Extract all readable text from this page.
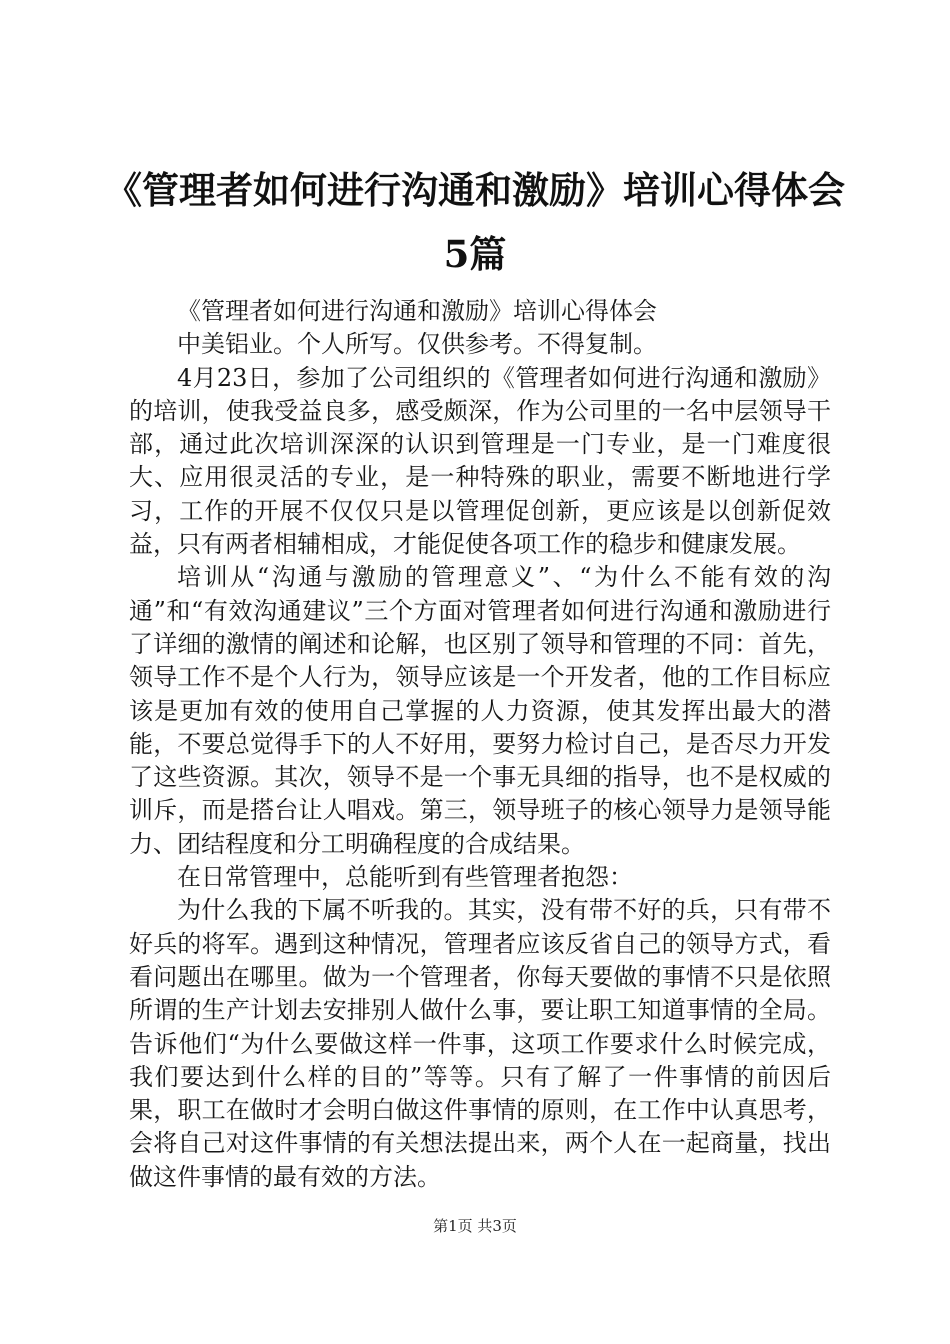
《管理者如何进行沟通和激励》培训心得体会
5篇

《管理者如何进行沟通和激励》培训心得体会

中美铝业。个人所写。仅供参考。不得复制。

4月23日，参加了公司组织的《管理者如何进行沟通和激励》的培训，使我受益良多，感受颇深，作为公司里的一名中层领导干部，通过此次培训深深的认识到管理是一门专业，是一门难度很大、应用很灵活的专业，是一种特殊的职业，需要不断地进行学习，工作的开展不仅仅只是以管理促创新，更应该是以创新促效益，只有两者相辅相成，才能促使各项工作的稳步和健康发展。

培训从“沟通与激励的管理意义”、“为什么不能有效的沟通”和“有效沟通建议”三个方面对管理者如何进行沟通和激励进行了详细的激情的阐述和论解，也区别了领导和管理的不同：首先，领导工作不是个人行为，领导应该是一个开发者，他的工作目标应该是更加有效的使用自己掌握的人力资源，使其发挥出最大的潜能，不要总觉得手下的人不好用，要努力检讨自己，是否尽力开发了这些资源。其次，领导不是一个事无具细的指导，也不是权威的训斥，而是搭台让人唱戏。第三，领导班子的核心领导力是领导能力、团结程度和分工明确程度的合成结果。

在日常管理中，总能听到有些管理者抱怨：

为什么我的下属不听我的。其实，没有带不好的兵，只有带不好兵的将军。遇到这种情况，管理者应该反省自己的领导方式，看看问题出在哪里。做为一个管理者，你每天要做的事情不只是依照所谓的生产计划去安排别人做什么事，要让职工知道事情的全局。告诉他们“为什么要做这样一件事，这项工作要求什么时候完成，我们要达到什么样的目的”等等。只有了解了一件事情的前因后果，职工在做时才会明白做这件事情的原则，在工作中认真思考，会将自己对这件事情的有关想法提出来，两个人在一起商量，找出做这件事情的最有效的方法。

第1页 共3页
